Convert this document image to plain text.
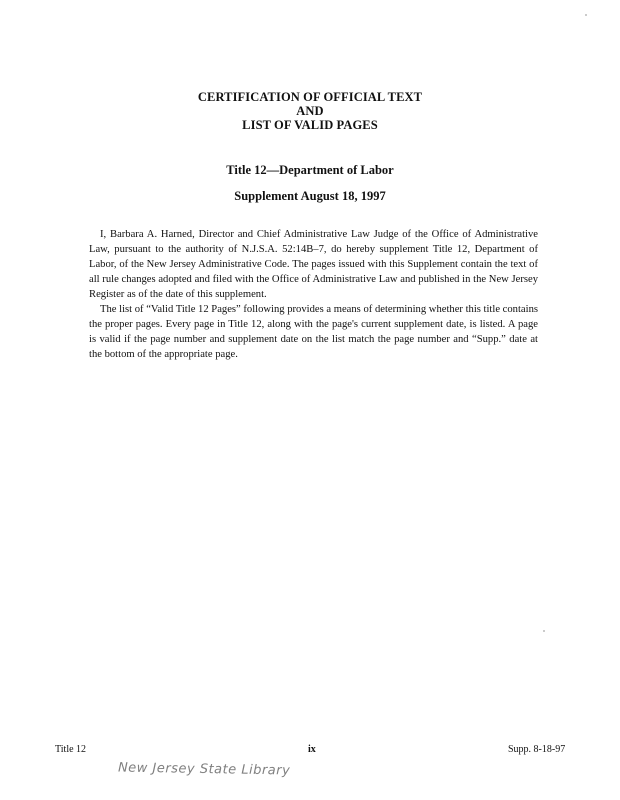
CERTIFICATION OF OFFICIAL TEXT
AND
LIST OF VALID PAGES
Title 12—Department of Labor
Supplement August 18, 1997

I, Barbara A. Harned, Director and Chief Administrative Law Judge of the Office of Administrative Law, pursuant to the authority of N.J.S.A. 52:14B–7, do hereby supplement Title 12, Department of Labor, of the New Jersey Administrative Code. The pages issued with this Supplement contain the text of all rule changes adopted and filed with the Office of Administrative Law and published in the New Jersey Register as of the date of this supplement.

The list of “Valid Title 12 Pages” following provides a means of determining whether this title contains the proper pages. Every page in Title 12, along with the page's current supplement date, is listed. A page is valid if the page number and supplement date on the list match the page number and “Supp.” date at the bottom of the appropriate page.

Title 12	ix	Supp. 8-18-97
New Jersey State Library
